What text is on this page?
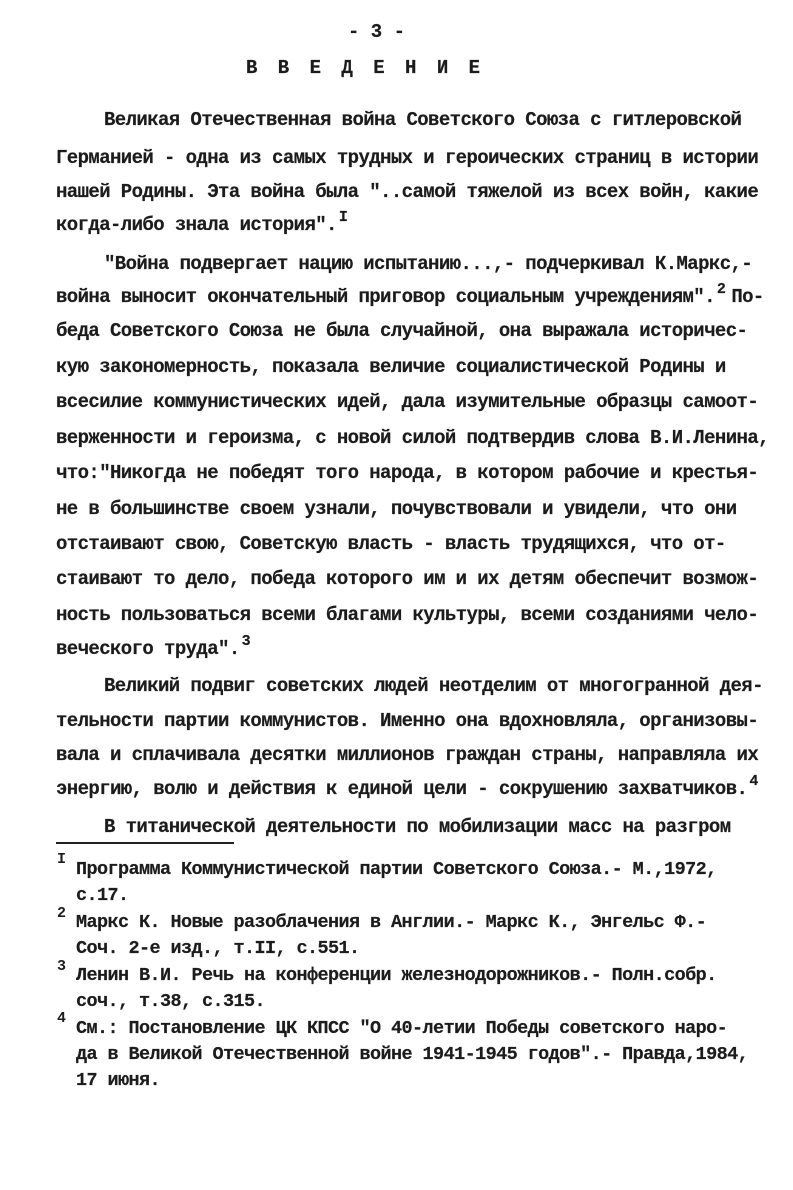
- 3 -
В В Е Д Е Н И Е
Великая Отечественная война Советского Союза с гитлеровской
Германией - одна из самых трудных и героических страниц в истории
нашей Родины. Эта война была "..самой тяжелой из всех войн, какие
когда-либо знала история". $^I$
"Война подвергает нацию испытанию...,- подчеркивал К.Маркс,-
война выносит окончательный приговор социальным учреждениям". $^2$ По-
беда Советского Союза не была случайной, она выражала историчес-
кую закономерность, показала величие социалистической Родины и
всесилие коммунистических идей, дала изумительные образцы самоот-
верженности и героизма, с новой силой подтвердив слова В.И.Ленина,
что:"Никогда не победят того народа, в котором рабочие и крестья-
не в большинстве своем узнали, почувствовали и увидели, что они
отстаивают свою, Советскую власть - власть трудящихся, что от-
стаивают то дело, победа которого им и их детям обеспечит возмож-
ность пользоваться всеми благами культуры, всеми созданиями чело-
веческого труда". $^3$
Великий подвиг советских людей неотделим от многогранной дея-
тельности партии коммунистов. Именно она вдохновляла, организовы-
вала и сплачивала десятки миллионов граждан страны, направляла их
энергию, волю и действия к единой цели - сокрушению захватчиков. $^4$
В титанической деятельности по мобилизации масс на разгром
I Программа Коммунистической партии Советского Союза.- М.,1972,
с.17.
2 Маркс К. Новые разоблачения в Англии.- Маркс К., Энгельс Ф.-
Соч. 2-е изд., т.II, с.551.
3 Ленин В.И. Речь на конференции железнодорожников.- Полн.собр.
соч., т.38, с.315.
4 См.: Постановление ЦК КПСС "О 40-летии Победы советского наро-
да в Великой Отечественной войне 1941-1945 годов".- Правда,1984,
17 июня.
